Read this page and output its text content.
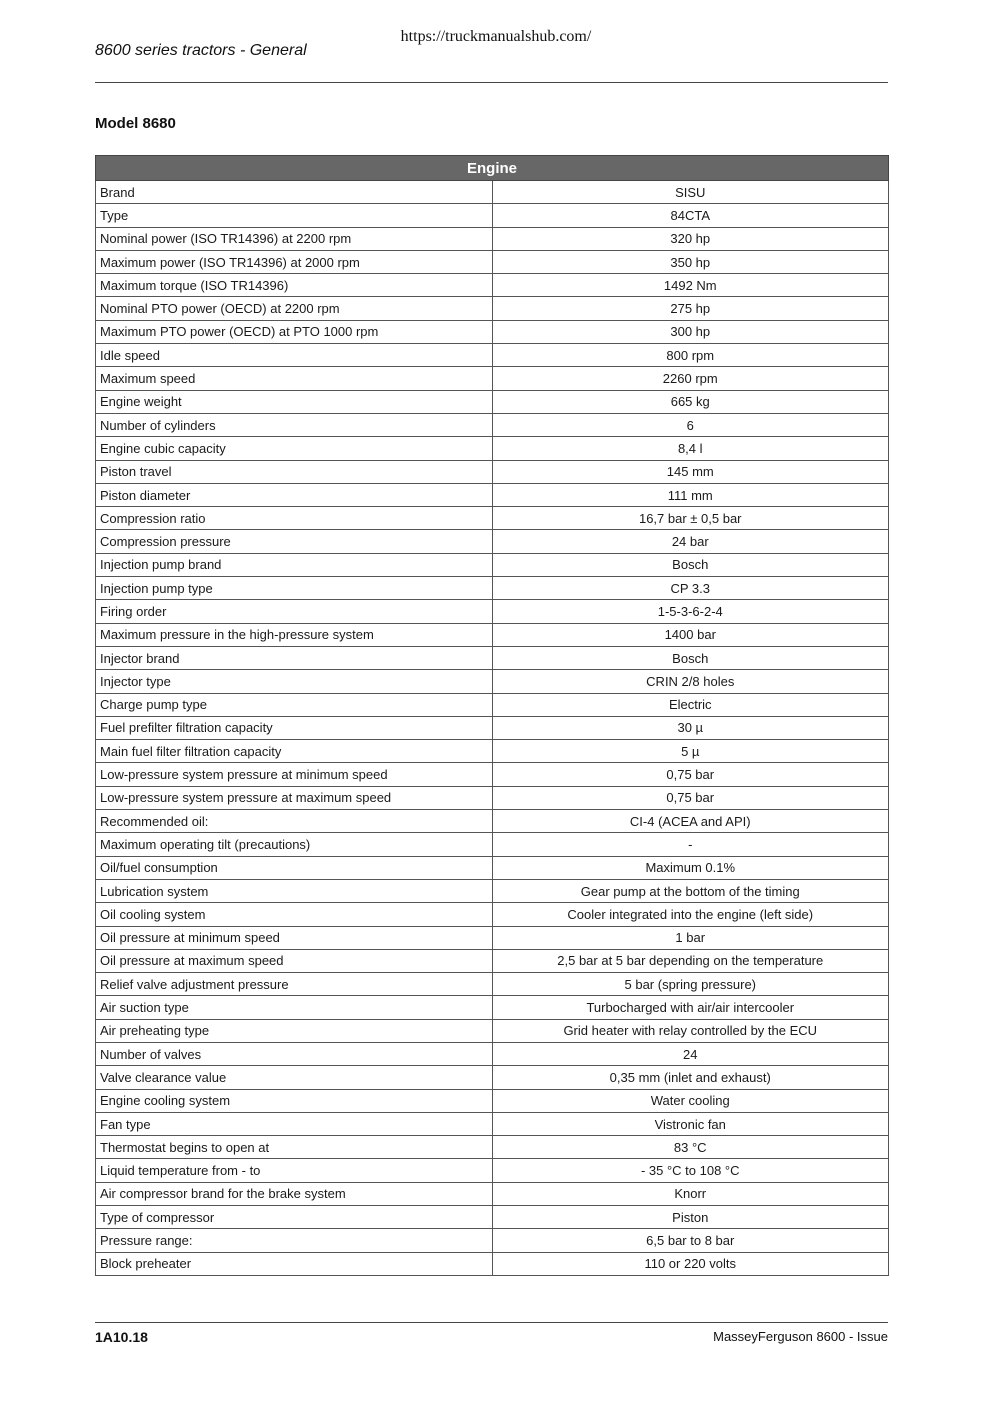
https://truckmanualshub.com/
8600 series tractors - General
Model 8680
Engine	
Brand	SISU
Type	84CTA
Nominal power (ISO TR14396) at 2200 rpm	320 hp
Maximum power (ISO TR14396) at 2000 rpm	350 hp
Maximum torque (ISO TR14396)	1492 Nm
Nominal PTO power (OECD) at 2200 rpm	275 hp
Maximum PTO power (OECD) at PTO 1000 rpm	300 hp
Idle speed	800 rpm
Maximum speed	2260 rpm
Engine weight	665 kg
Number of cylinders	6
Engine cubic capacity	8,4 l
Piston travel	145 mm
Piston diameter	111 mm
Compression ratio	16,7 bar ± 0,5 bar
Compression pressure	24 bar
Injection pump brand	Bosch
Injection pump type	CP 3.3
Firing order	1-5-3-6-2-4
Maximum pressure in the high-pressure system	1400 bar
Injector brand	Bosch
Injector type	CRIN 2/8 holes
Charge pump type	Electric
Fuel prefilter filtration capacity	30 µ
Main fuel filter filtration capacity	5 µ
Low-pressure system pressure at minimum speed	0,75 bar
Low-pressure system pressure at maximum speed	0,75 bar
Recommended oil:	CI-4 (ACEA and API)
Maximum operating tilt (precautions)	-
Oil/fuel consumption	Maximum 0.1%
Lubrication system	Gear pump at the bottom of the timing
Oil cooling system	Cooler integrated into the engine (left side)
Oil pressure at minimum speed	1 bar
Oil pressure at maximum speed	2,5 bar at 5 bar depending on the temperature
Relief valve adjustment pressure	5 bar (spring pressure)
Air suction type	Turbocharged with air/air intercooler
Air preheating type	Grid heater with relay controlled by the ECU
Number of valves	24
Valve clearance value	0,35 mm (inlet and exhaust)
Engine cooling system	Water cooling
Fan type	Vistronic fan
Thermostat begins to open at	83 °C
Liquid temperature from - to	- 35 °C to 108 °C
Air compressor brand for the brake system	Knorr
Type of compressor	Piston
Pressure range:	6,5 bar to 8 bar
Block preheater	110 or 220 volts
1A10.18	MasseyFerguson 8600 - Issue
